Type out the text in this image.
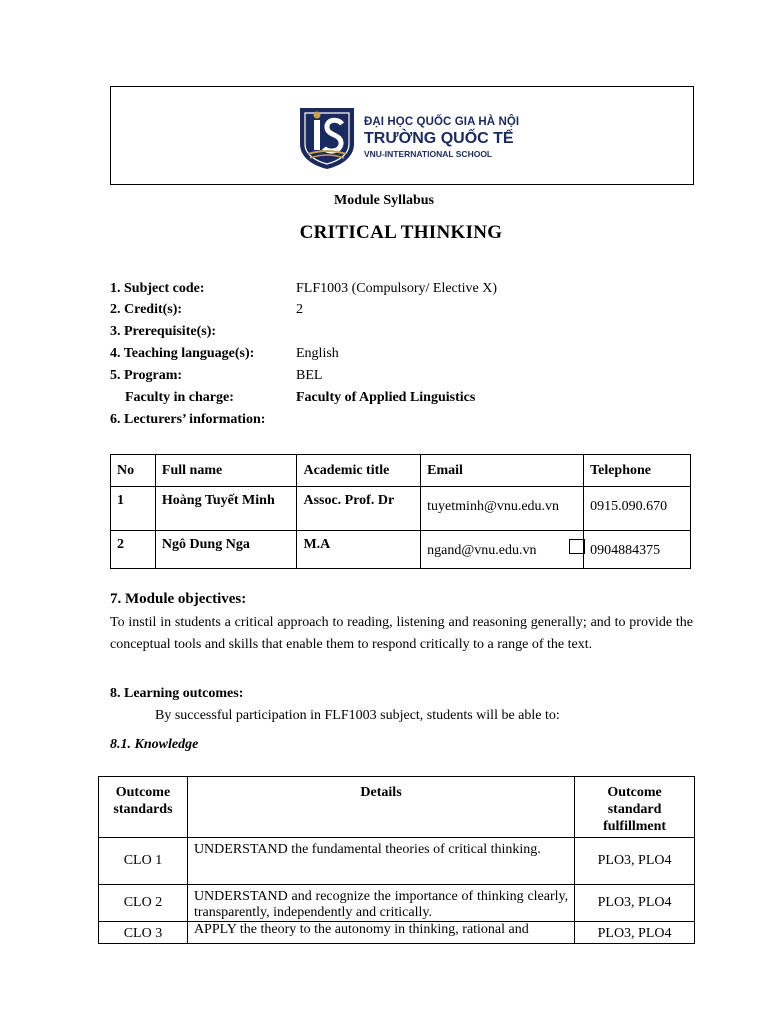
ĐẠI HỌC QUỐC GIA HÀ NỘI
TRƯỜNG QUỐC TẾ
VNU-INTERNATIONAL SCHOOL
Module Syllabus
CRITICAL THINKING
1. Subject code:	FLF1003 (Compulsory/ Elective X)
2. Credit(s):	2
3. Prerequisite(s):
4. Teaching language(s):	English
5. Program:	BEL
Faculty in charge:	Faculty of Applied Linguistics
6. Lecturers’ information:
No	Full name	Academic title	Email	Telephone
1	Hoàng Tuyết Minh	Assoc. Prof. Dr	tuyetminh@vnu.edu.vn	0915.090.670
2	Ngô Dung Nga	M.A	ngand@vnu.edu.vn	0904884375
7. Module objectives:
To instil in students a critical approach to reading, listening and reasoning generally; and to provide the conceptual tools and skills that enable them to respond critically to a range of the text.
8. Learning outcomes:
By successful participation in FLF1003 subject, students will be able to:
8.1. Knowledge
Outcome standards	Details	Outcome standard fulfillment
CLO 1	UNDERSTAND the fundamental theories of critical thinking.	PLO3, PLO4
CLO 2	UNDERSTAND and recognize the importance of thinking clearly, transparently, independently and critically.	PLO3, PLO4
CLO 3	APPLY the theory to the autonomy in thinking, rational and	PLO3, PLO4
